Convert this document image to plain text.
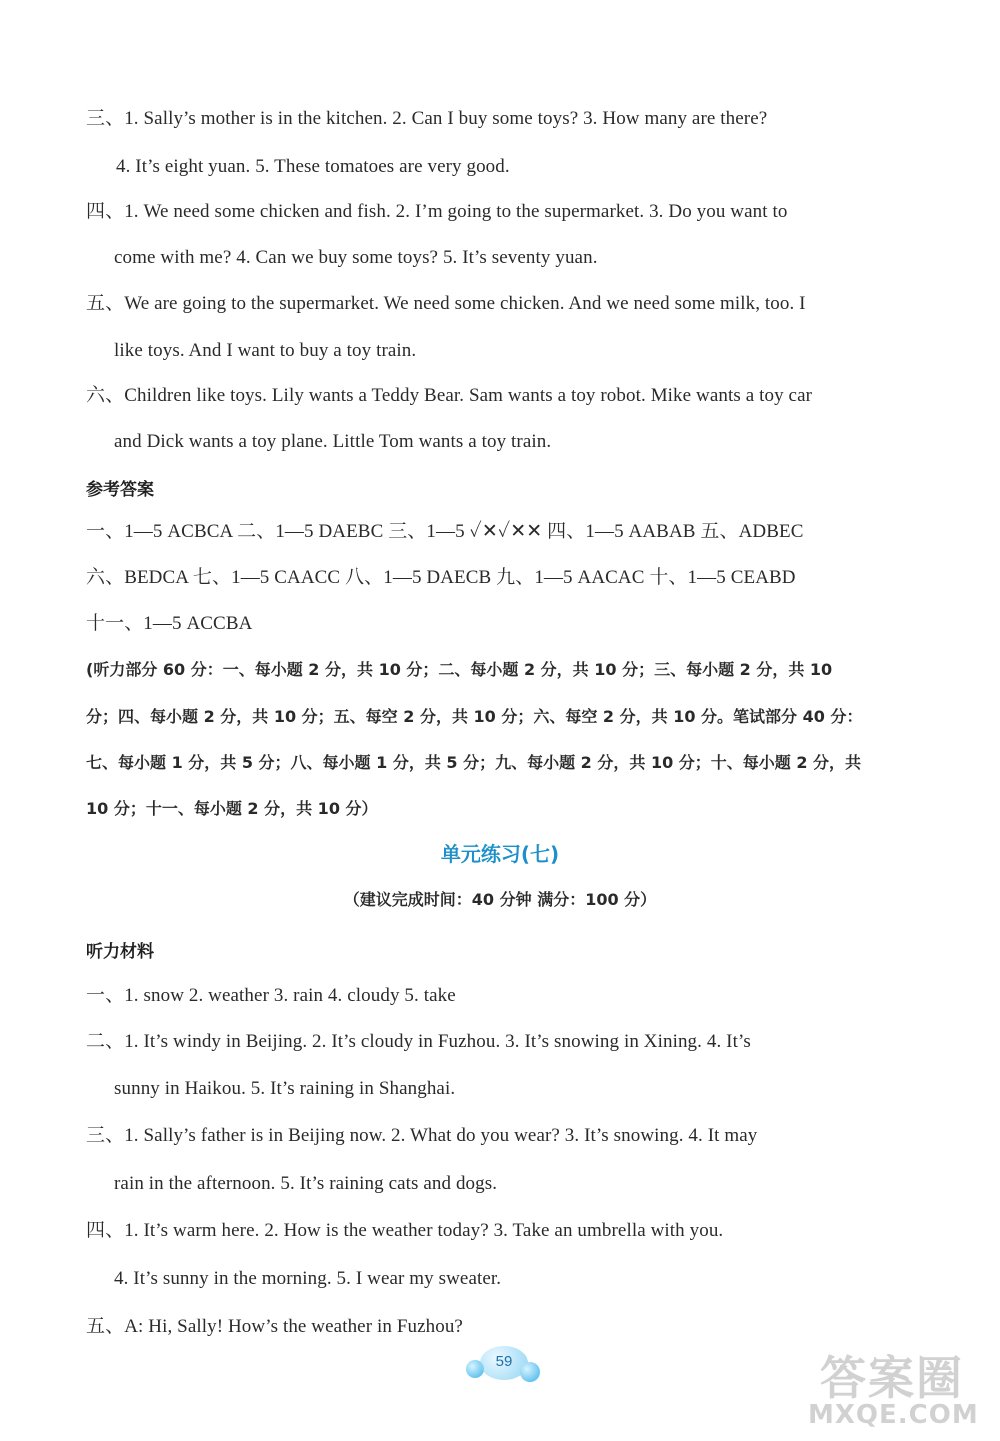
三、1. Sally’s mother is in the kitchen. 2. Can I buy some toys? 3. How many are there?
4. It’s eight yuan. 5. These tomatoes are very good.
四、1. We need some chicken and fish. 2. I’m going to the supermarket. 3. Do you want to
come with me? 4. Can we buy some toys? 5. It’s seventy yuan.
五、We are going to the supermarket. We need some chicken. And we need some milk, too. I
like toys. And I want to buy a toy train.
六、Children like toys. Lily wants a Teddy Bear. Sam wants a toy robot. Mike wants a toy car
and Dick wants a toy plane. Little Tom wants a toy train.
参考答案
一、1—5 ACBCA 二、1—5 DAEBC 三、1—5 ✓✕✓✕✕ 四、1—5 AABAB 五、ADBEC
六、BEDCA 七、1—5 CAACC 八、1—5 DAECB 九、1—5 AACAC 十、1—5 CEABD
十一、1—5 ACCBA
(听力部分 60 分：一、每小题 2 分，共 10 分；二、每小题 2 分，共 10 分；三、每小题 2 分，共 10
分；四、每小题 2 分，共 10 分；五、每空 2 分，共 10 分；六、每空 2 分，共 10 分。笔试部分 40 分：
七、每小题 1 分，共 5 分；八、每小题 1 分，共 5 分；九、每小题 2 分，共 10 分；十、每小题 2 分，共
10 分；十一、每小题 2 分，共 10 分）
单元练习(七)
（建议完成时间：40 分钟 满分：100 分）
听力材料
一、1. snow 2. weather 3. rain 4. cloudy 5. take
二、1. It’s windy in Beijing. 2. It’s cloudy in Fuzhou. 3. It’s snowing in Xining. 4. It’s
sunny in Haikou. 5. It’s raining in Shanghai.
三、1. Sally’s father is in Beijing now. 2. What do you wear? 3. It’s snowing. 4. It may
rain in the afternoon. 5. It’s raining cats and dogs.
四、1. It’s warm here. 2. How is the weather today? 3. Take an umbrella with you.
4. It’s sunny in the morning. 5. I wear my sweater.
五、A: Hi, Sally! How’s the weather in Fuzhou?
59	答案圈
MXQE.COM
